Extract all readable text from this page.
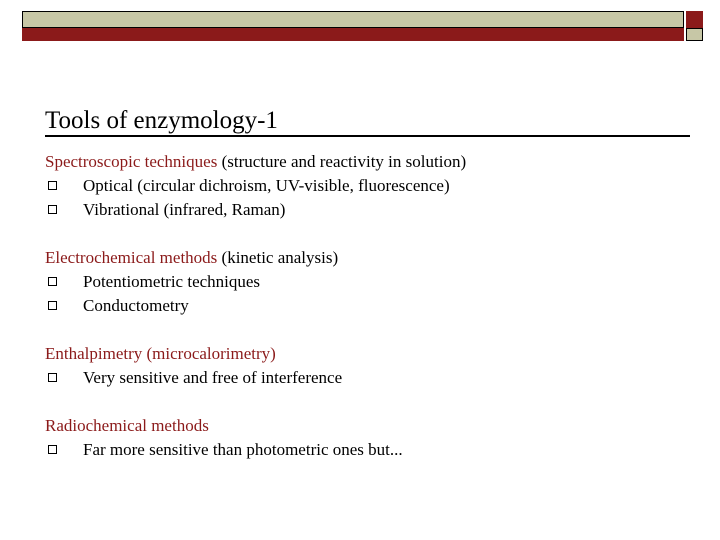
Tools of enzymology-1
Spectroscopic techniques (structure and reactivity in solution)
Optical (circular dichroism, UV-visible, fluorescence)
Vibrational (infrared, Raman)
Electrochemical methods (kinetic analysis)
Potentiometric techniques
Conductometry
Enthalpimetry (microcalorimetry)
Very sensitive and free of interference
Radiochemical methods
Far more sensitive than photometric ones but...
